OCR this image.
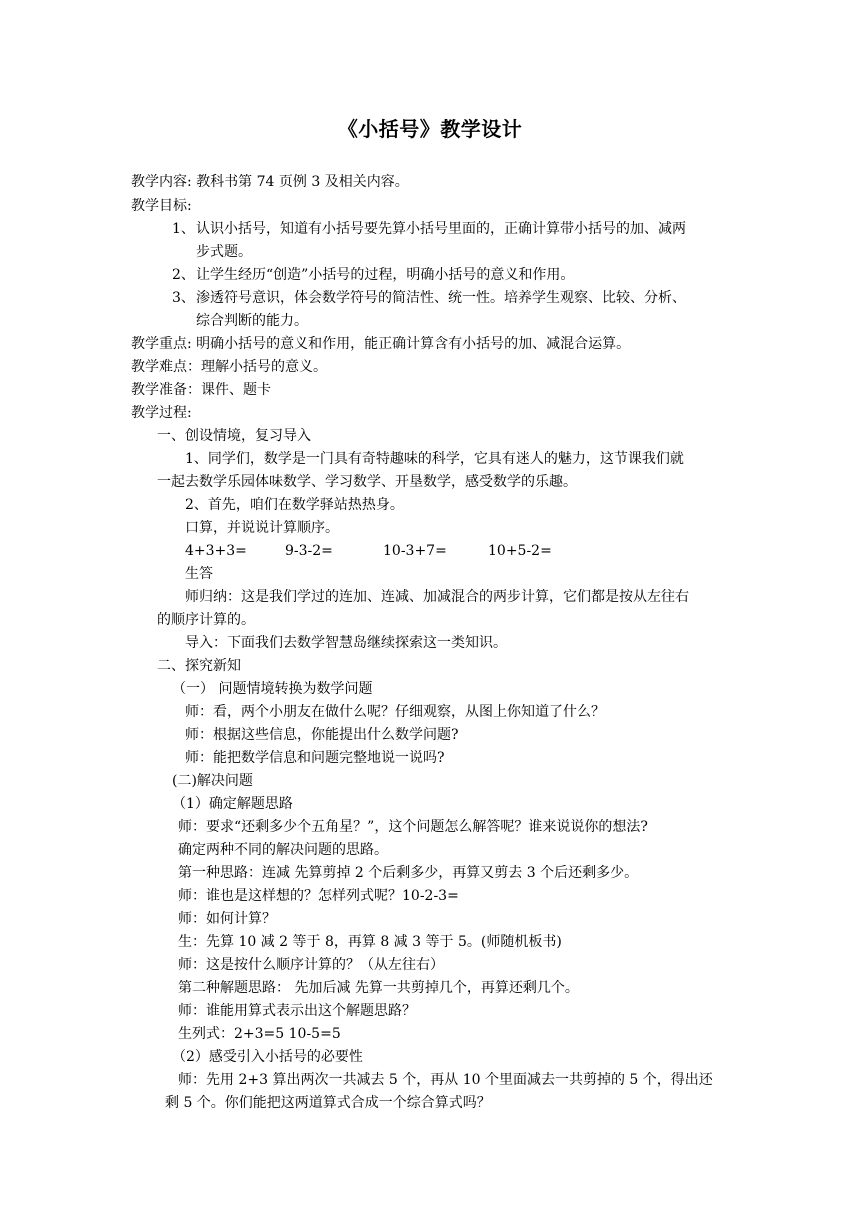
《小括号》教学设计
教学内容: 教科书第 74 页例 3 及相关内容。
教学目标:
1、 认识小括号，知道有小括号要先算小括号里面的，正确计算带小括号的加、减两
步式题。
2、 让学生经历“创造”小括号的过程，明确小括号的意义和作用。
3、 渗透符号意识，体会数学符号的简洁性、统一性。培养学生观察、比较、分析、
综合判断的能力。
教学重点: 明确小括号的意义和作用，能正确计算含有小括号的加、减混合运算。
教学难点：理解小括号的意义。
教学准备：课件、题卡
教学过程:
一、创设情境，复习导入
1、同学们，数学是一门具有奇特趣味的科学，它具有迷人的魅力，这节课我们就
一起去数学乐园体味数学、学习数学、开垦数学，感受数学的乐趣。
2、首先，咱们在数学驿站热热身。
口算，并说说计算顺序。
4+3+3=	9-3-2=	10-3+7=	10+5-2=
生答
师归纳：这是我们学过的连加、连减、加减混合的两步计算，它们都是按从左往右
的顺序计算的。
导入：下面我们去数学智慧岛继续探索这一类知识。
二、探究新知
（一） 问题情境转换为数学问题
师：看，两个小朋友在做什么呢？仔细观察，从图上你知道了什么？
师：根据这些信息，你能提出什么数学问题?
师：能把数学信息和问题完整地说一说吗?
(二)解决问题
（1）确定解题思路
师：要求“还剩多少个五角星？”，这个问题怎么解答呢？谁来说说你的想法?
确定两种不同的解决问题的思路。
第一种思路：连减 先算剪掉 2 个后剩多少，再算又剪去 3 个后还剩多少。
师：谁也是这样想的？怎样列式呢？10-2-3=
师：如何计算？
生：先算 10 减 2 等于 8，再算 8 减 3 等于 5。(师随机板书)
师：这是按什么顺序计算的？（从左往右）
第二种解题思路： 先加后减 先算一共剪掉几个，再算还剩几个。
师：谁能用算式表示出这个解题思路？
生列式：2+3=5 10-5=5
（2）感受引入小括号的必要性
师：先用 2+3 算出两次一共减去 5 个，再从 10 个里面减去一共剪掉的 5 个，得出还
剩 5 个。你们能把这两道算式合成一个综合算式吗？
